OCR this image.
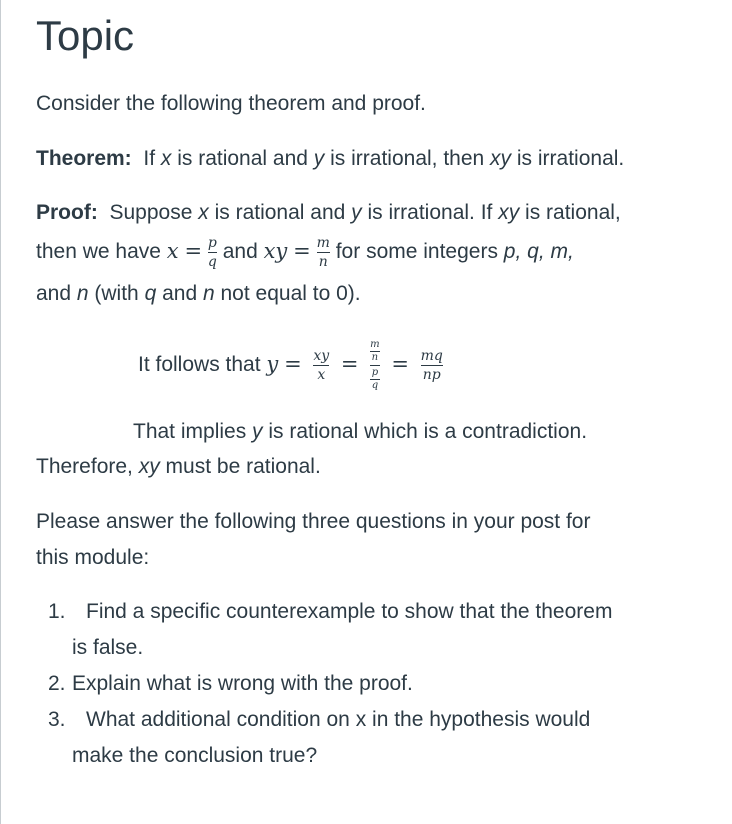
Topic

Consider the following theorem and proof.

Theorem: If x is rational and y is irrational, then xy is irrational.

Proof: Suppose x is rational and y is irrational. If xy is rational,

then we have $x = \frac{p}{q}$ and xy = $\frac{m}{n}$ for some integers p, q, m,

and n (with q and n not equal to 0).

It follows that $y = \frac{xy}{x} = m$
n
p
$q = \frac{mq}{np}$

That implies y is rational which is a contradiction.

Therefore, xy must be rational.

Please answer the following three questions in your post for

this module:

1. Find a specific counterexample to show that the theorem
is false.
2. Explain what is wrong with the proof.
3. What additional condition on x in the hypothesis would
make the conclusion true?
